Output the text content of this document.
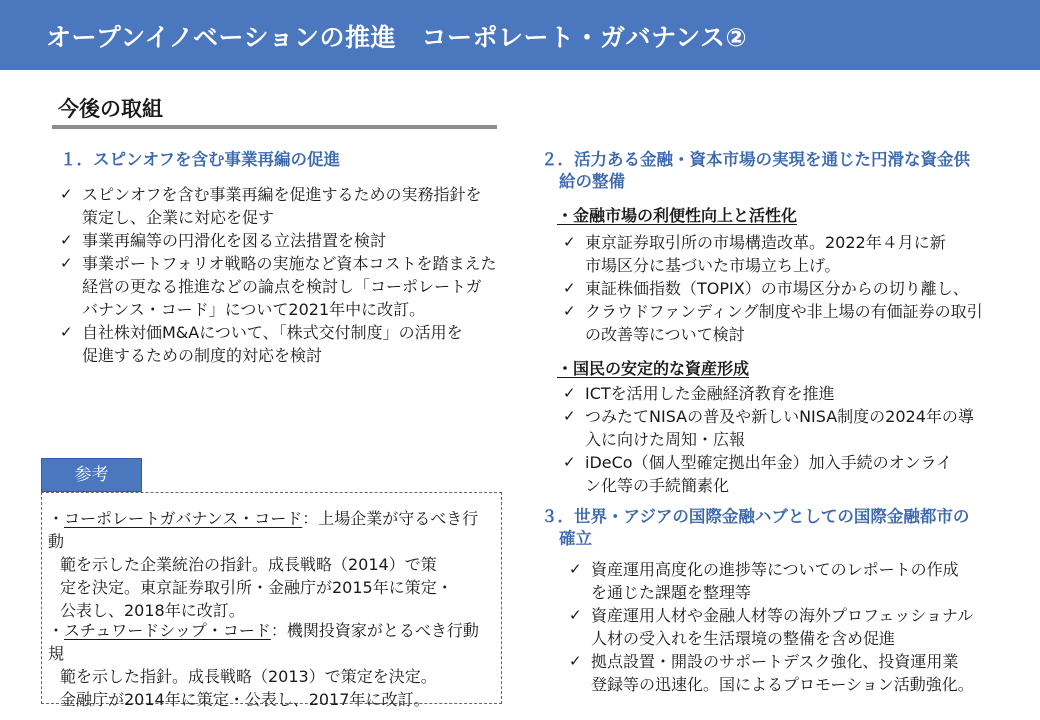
オープンイノベーションの推進　コーポレート・ガバナンス②
今後の取組
１．スピンオフを含む事業再編の促進
✓ スピンオフを含む事業再編を促進するための実務指針を
策定し、企業に対応を促す
✓ 事業再編等の円滑化を図る立法措置を検討
✓ 事業ポートフォリオ戦略の実施など資本コストを踏まえた
経営の更なる推進などの論点を検討し「コーポレートガ
バナンス・コード」について2021年中に改訂。
✓ 自社株対価M&Aについて、「株式交付制度」の活用を
促進するための制度的対応を検討
参考
・コーポレートガバナンス・コード：上場企業が守るべき行動
範を示した企業統治の指針。成長戦略（2014）で策
定を決定。東京証券取引所・金融庁が2015年に策定・
公表し、2018年に改訂。
・スチュワードシップ・コード：機関投資家がとるべき行動規
範を示した指針。成長戦略（2013）で策定を決定。
金融庁が2014年に策定・公表し、2017年に改訂。
２．活力ある金融・資本市場の実現を通じた円滑な資金供
給の整備
・金融市場の利便性向上と活性化
✓ 東京証券取引所の市場構造改革。2022年４月に新
市場区分に基づいた市場立ち上げ。
✓ 東証株価指数（TOPIX）の市場区分からの切り離し、
✓ クラウドファンディング制度や非上場の有価証券の取引
の改善等について検討
・国民の安定的な資産形成
✓ ICTを活用した金融経済教育を推進
✓ つみたてNISAの普及や新しいNISA制度の2024年の導
入に向けた周知・広報
✓ iDeCo（個人型確定拠出年金）加入手続のオンライ
ン化等の手続簡素化
３．世界・アジアの国際金融ハブとしての国際金融都市の
確立
✓ 資産運用高度化の進捗等についてのレポートの作成
を通じた課題を整理等
✓ 資産運用人材や金融人材等の海外プロフェッショナル
人材の受入れを生活環境の整備を含め促進
✓ 拠点設置・開設のサポートデスク強化、投資運用業
登録等の迅速化。国によるプロモーション活動強化。
